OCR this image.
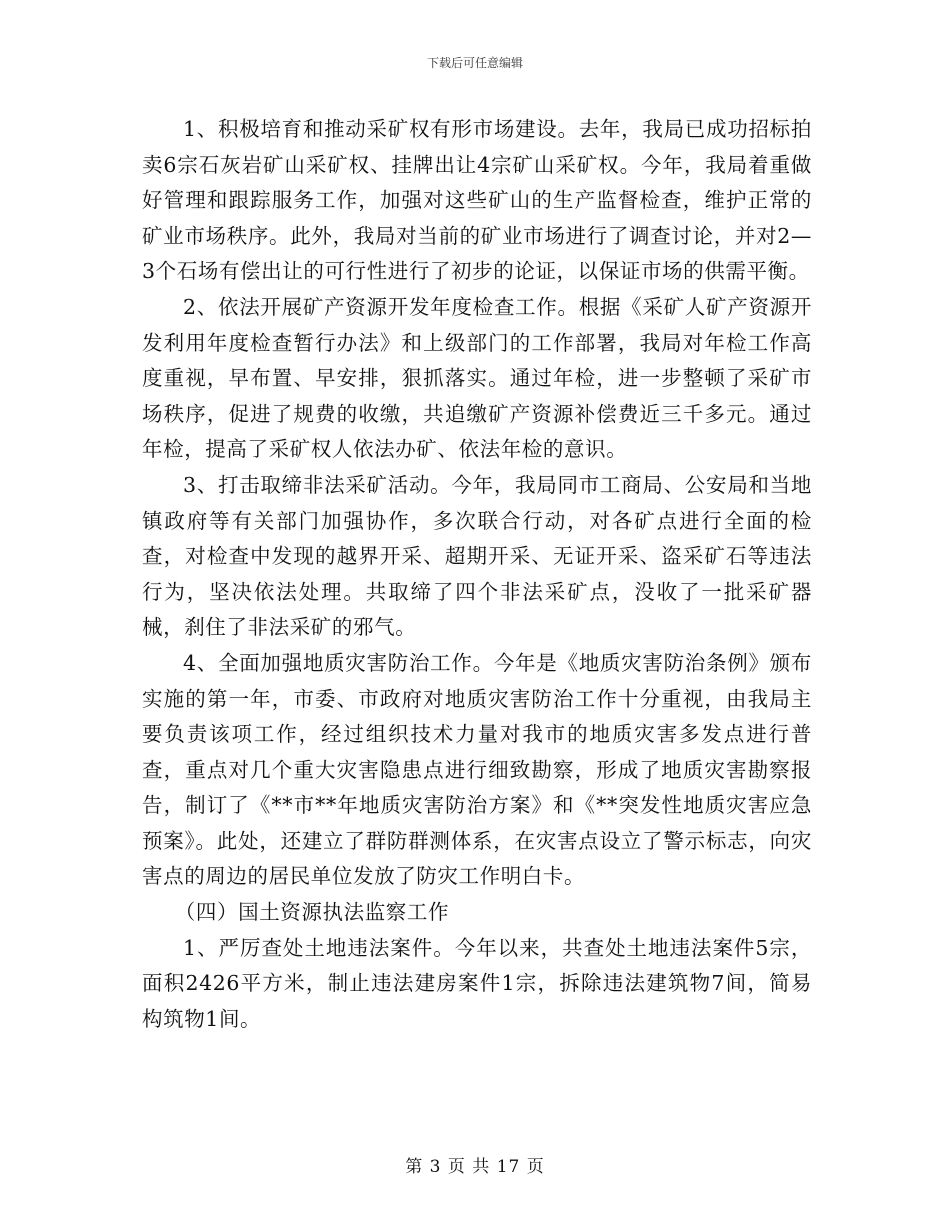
下载后可任意编辑

1、积极培育和推动采矿权有形市场建设。去年，我局已成功招标拍卖6宗石灰岩矿山采矿权、挂牌出让4宗矿山采矿权。今年，我局着重做好管理和跟踪服务工作，加强对这些矿山的生产监督检查，维护正常的矿业市场秩序。此外，我局对当前的矿业市场进行了调查讨论，并对2—3个石场有偿出让的可行性进行了初步的论证，以保证市场的供需平衡。

2、依法开展矿产资源开发年度检查工作。根据《采矿人矿产资源开发利用年度检查暂行办法》和上级部门的工作部署，我局对年检工作高度重视，早布置、早安排，狠抓落实。通过年检，进一步整顿了采矿市场秩序，促进了规费的收缴，共追缴矿产资源补偿费近三千多元。通过年检，提高了采矿权人依法办矿、依法年检的意识。

3、打击取缔非法采矿活动。今年，我局同市工商局、公安局和当地镇政府等有关部门加强协作，多次联合行动，对各矿点进行全面的检查，对检查中发现的越界开采、超期开采、无证开采、盗采矿石等违法行为，坚决依法处理。共取缔了四个非法采矿点，没收了一批采矿器械，刹住了非法采矿的邪气。

4、全面加强地质灾害防治工作。今年是《地质灾害防治条例》颁布实施的第一年，市委、市政府对地质灾害防治工作十分重视，由我局主要负责该项工作，经过组织技术力量对我市的地质灾害多发点进行普查，重点对几个重大灾害隐患点进行细致勘察，形成了地质灾害勘察报告，制订了《**市**年地质灾害防治方案》和《**突发性地质灾害应急预案》。此处，还建立了群防群测体系，在灾害点设立了警示标志，向灾害点的周边的居民单位发放了防灾工作明白卡。

（四）国土资源执法监察工作

1、严厉查处土地违法案件。今年以来，共查处土地违法案件5宗，面积2426平方米，制止违法建房案件1宗，拆除违法建筑物7间，简易构筑物1间。

第 3 页 共 17 页
